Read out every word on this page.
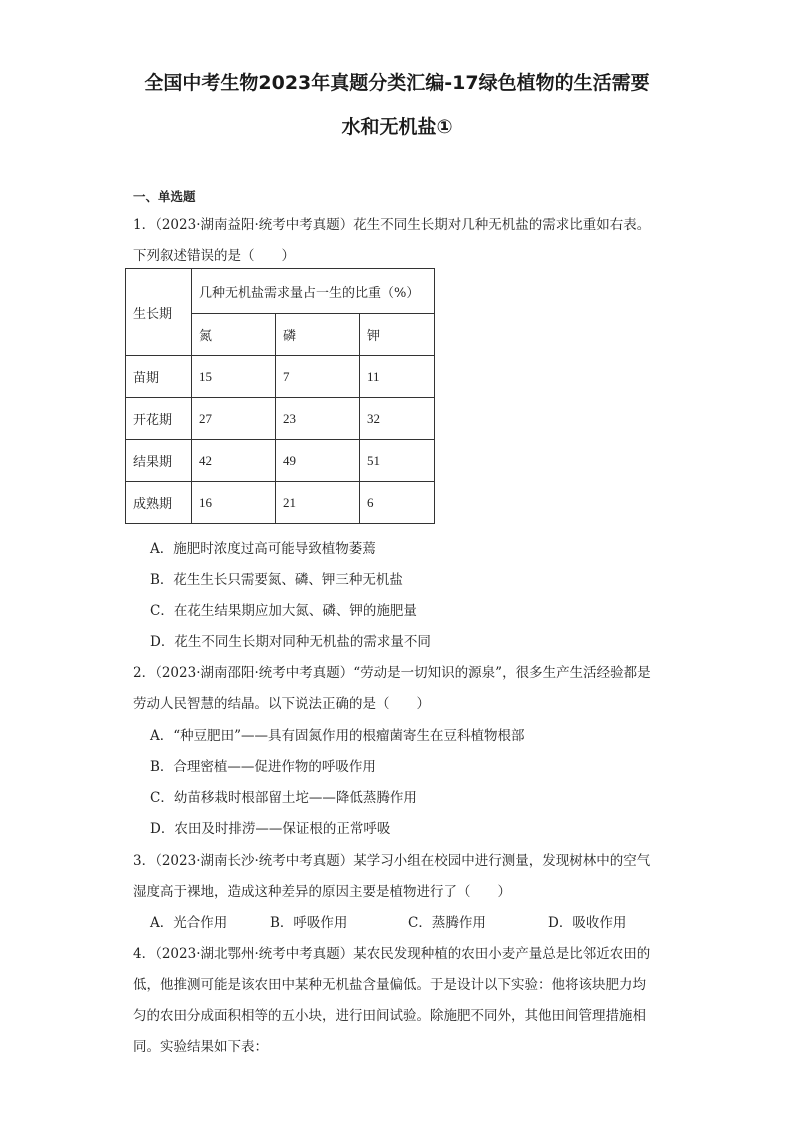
全国中考生物2023年真题分类汇编-17绿色植物的生活需要
水和无机盐①
一、单选题
1．（2023·湖南益阳·统考中考真题）花生不同生长期对几种无机盐的需求比重如右表。
下列叙述错误的是（　　）
生长期	几种无机盐需求量占一生的比重（%）		
	氮	磷	钾
苗期	15	7	11
开花期	27	23	32
结果期	42	49	51
成熟期	16	21	6
A．施肥时浓度过高可能导致植物萎蔫
B．花生生长只需要氮、磷、钾三种无机盐
C．在花生结果期应加大氮、磷、钾的施肥量
D．花生不同生长期对同种无机盐的需求量不同
2．（2023·湖南邵阳·统考中考真题）“劳动是一切知识的源泉”，很多生产生活经验都是
劳动人民智慧的结晶。以下说法正确的是（　　）
A．“种豆肥田”——具有固氮作用的根瘤菌寄生在豆科植物根部
B．合理密植——促进作物的呼吸作用
C．幼苗移栽时根部留土坨——降低蒸腾作用
D．农田及时排涝——保证根的正常呼吸
3．（2023·湖南长沙·统考中考真题）某学习小组在校园中进行测量，发现树林中的空气
湿度高于裸地，造成这种差异的原因主要是植物进行了（　　）
A．光合作用	B．呼吸作用	C．蒸腾作用	D．吸收作用
4．（2023·湖北鄂州·统考中考真题）某农民发现种植的农田小麦产量总是比邻近农田的
低，他推测可能是该农田中某种无机盐含量偏低。于是设计以下实验：他将该块肥力均
匀的农田分成面积相等的五小块，进行田间试验。除施肥不同外，其他田间管理措施相
同。实验结果如下表：
